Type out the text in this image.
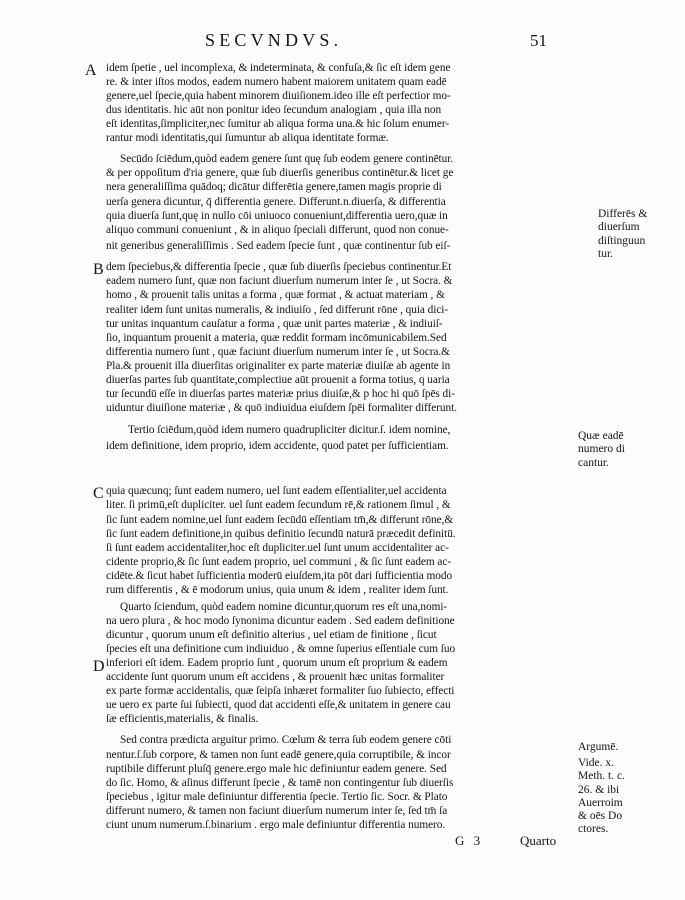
SECVNDVS.	51
A
B
C
D
idem ſpetie , uel incomplexa, & indeterminata, & confuſa,& ſic eſt idem gene
re. & inter iſtos modos, eadem numero habent maiorem unitatem quam eadē
genere,uel ſpecie,quia habent minorem diuiſionem.ideo ille eſt perfectior mo-
dus identitatis. hic aūt non ponitur ideo ſecundum analogiam , quia illa non
eſt identitas,ſimpliciter,nec ſumitur ab aliqua forma una.& hic ſolum enumer-
rantur modi identitatis,qui ſumuntur ab aliqua identitate formæ.
Secūdo ſciēdum,quòd eadem genere ſunt quę ſub eodem genere continētur.
& per oppoſitum d'ria genere, quæ ſub diuerſis generibus continētur.& licet ge
nera generaliſſima quādoq; dicātur differētia genere,tamen magis proprie di
uerſa genera dicuntur, q̄ differentia genere. Differunt.n.diuerſa, & differentia
quia diuerſa ſunt,quę in nullo cōi uniuoco conueniunt,differentia uero,quæ in
aliquo communi conueniunt , & in aliquo ſpeciali differunt, quod non conue-
nit generibus generaliſſimis . Sed eadem ſpecie ſunt , quæ continentur ſub eiſ-
dem ſpeciebus,& differentia ſpecie , quæ ſub diuerſis ſpeciebus continentur.Et
eadem numero ſunt, quæ non faciunt diuerſum numerum inter ſe , ut Socra. &
homo , & prouenit talis unitas a forma , quæ format , & actuat materiam , &
realiter idem ſunt unitas numeralis, & indiuiſo , ſed differunt rōne , quia dici-
tur unitas inquantum cauſatur a forma , quæ unit partes materiæ , & indiuiſ-
ſio, inquantum prouenit a materia, quæ reddit formam incōmunicabilem.Sed
differentia numero ſunt , quæ faciunt diuerſum numerum inter ſe , ut Socra.&
Pla.& prouenit illa diuerſitas originaliter ex parte materiæ diuiſæ ab agente in
diuerſas partes ſub quantitate,complectiue aūt prouenit a forma totius, q uaria
tur ſecundū eſſe in diuerſas partes materiæ prius diuiſæ,& p hoc hi quō ſpēs di-
uiduntur diuiſione materiæ , & quō indiuidua eiuſdem ſpēi formaliter differunt.
Tertio ſciēdum,quòd idem numero quadrupliciter dicitur.ſ. idem nomine,
idem definitione, idem proprio, idem accidente, quod patet per ſufficientiam.
quia quæcunq; ſunt eadem numero, uel ſunt eadem eſſentialiter,uel accidenta
liter. ſi primū,eſt dupliciter. uel ſunt eadem ſecundum rē,& rationem ſimul , &
ſic ſunt eadem nomine,uel ſunt eadem ſecūdū eſſentiam tm̄,& differunt rōne,&
ſic ſunt eadem definitione,in quibus definitio ſecundū naturā præcedit definitū.
ſi ſunt eadem accidentaliter,hoc eſt dupliciter.uel ſunt unum accidentaliter ac-
cidente proprio,& ſic ſunt eadem proprio, uel communi , & ſic ſunt eadem ac-
cidēte.& ſicut habet ſufficientia moderū eiuſdem,ita pōt dari ſufficientia modo
rum differentis , & ē modorum unius, quia unum & idem , realiter idem ſunt.
Quarto ſciendum, quòd eadem nomine dicuntur,quorum res eſt una,nomi-
na uero plura , & hoc modo ſynonima dicuntur eadem . Sed eadem definitione
dicuntur , quorum unum eſt definitio alterius , uel etiam de finitione , ſicut
ſpecies eſt una definitione cum indiuiduo , & omne ſuperius eſſentiale cum ſuo
inferiori eſt idem. Eadem proprio ſunt , quorum unum eſt proprium & eadem
accidente ſunt quorum unum eſt accidens , & prouenit hæc unitas formaliter
ex parte formæ accidentalis, quæ ſeipſa inhæret formaliter ſuo ſubiecto, effecti
ue uero ex parte ſui ſubiecti, quod dat accidenti eſſe,& unitatem in genere cau
ſæ efficientis,materialis, & finalis.
Sed contra prædicta arguitur primo. Cœlum & terra ſub eodem genere cōti
nentur.ſ.ſub corpore, & tamen non ſunt eadē genere,quia corruptibile, & incor
ruptibile differunt pluſq̄ genere.ergo male hic definiuntur eadem genere. Sed
do ſic. Homo, & aſinus differunt ſpecie , & tamē non contingentur ſub diuerſis
ſpeciebus , igitur male definiuntur differentia ſpecie. Tertio ſic. Socr. & Plato
differunt numero, & tamen non faciunt diuerſum numerum inter ſe, ſed tm̄ ſa
ciunt unum numerum.ſ.binarium . ergo male definiuntur differentia numero.
Differēs &
diuerſum
diſtinguun
tur.
Quæ eadē
numero di
cantur.
Argumē.
Vide. x.
Meth. t. c.
26. & ibi
Auerroim
& oēs Do
ctores.
G 3	Quarto
